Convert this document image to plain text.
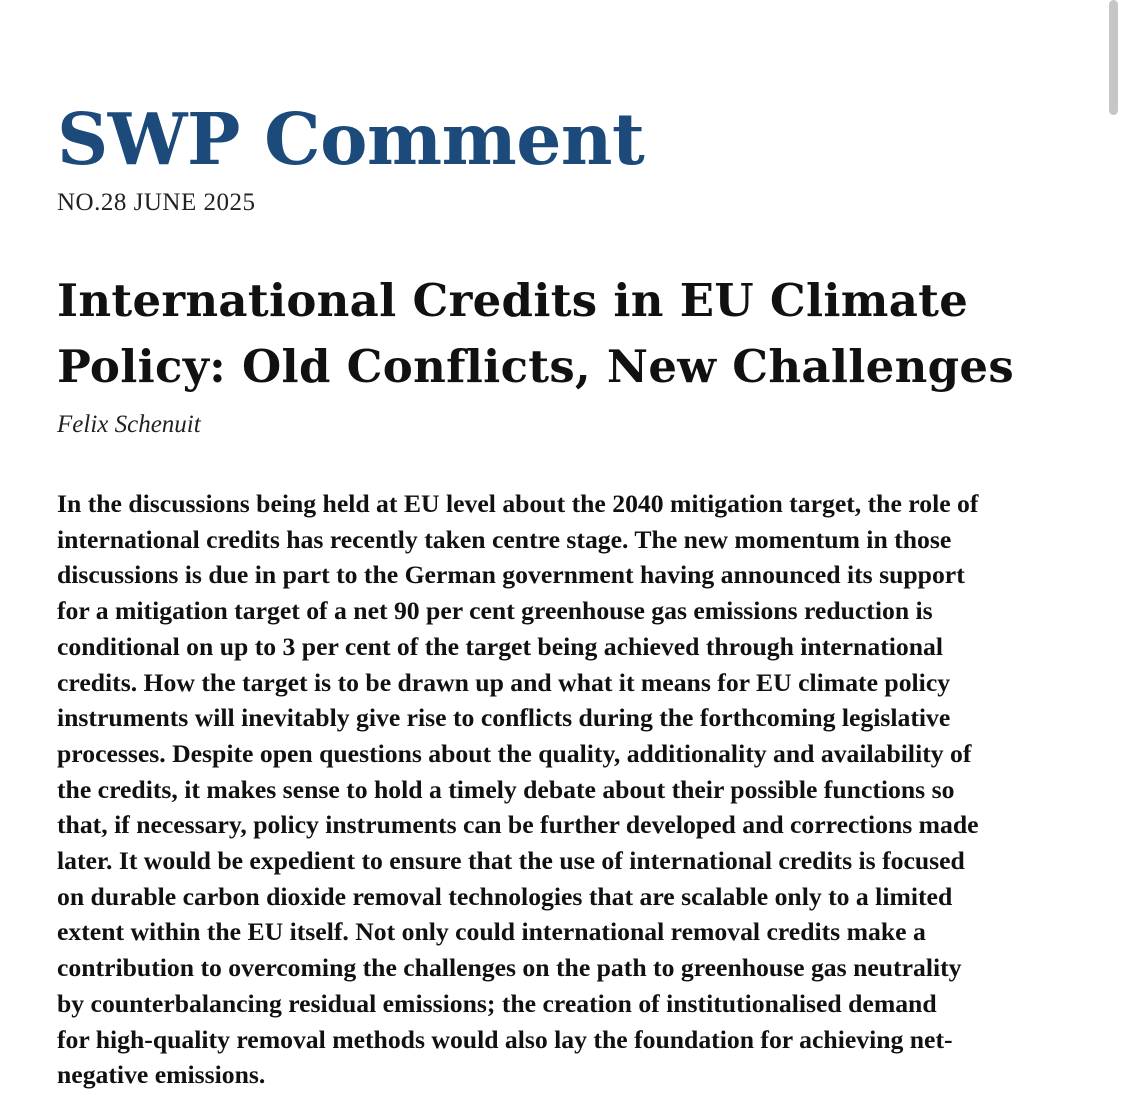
SWP Comment
NO.28 JUNE 2025
International Credits in EU Climate
Policy: Old Conflicts, New Challenges
Felix Schenuit
In the discussions being held at EU level about the 2040 mitigation target, the role of
international credits has recently taken centre stage. The new momentum in those
discussions is due in part to the German government having announced its support
for a mitigation target of a net 90 per cent greenhouse gas emissions reduction is
conditional on up to 3 per cent of the target being achieved through international
credits. How the target is to be drawn up and what it means for EU climate policy
instruments will inevitably give rise to conflicts during the forthcoming legislative
processes. Despite open questions about the quality, additionality and availability of
the credits, it makes sense to hold a timely debate about their possible functions so
that, if necessary, policy instruments can be further developed and corrections made
later. It would be expedient to ensure that the use of international credits is focused
on durable carbon dioxide removal technologies that are scalable only to a limited
extent within the EU itself. Not only could international removal credits make a
contribution to overcoming the challenges on the path to greenhouse gas neutrality
by counterbalancing residual emissions; the creation of institutionalised demand
for high-quality removal methods would also lay the foundation for achieving net-
negative emissions.
